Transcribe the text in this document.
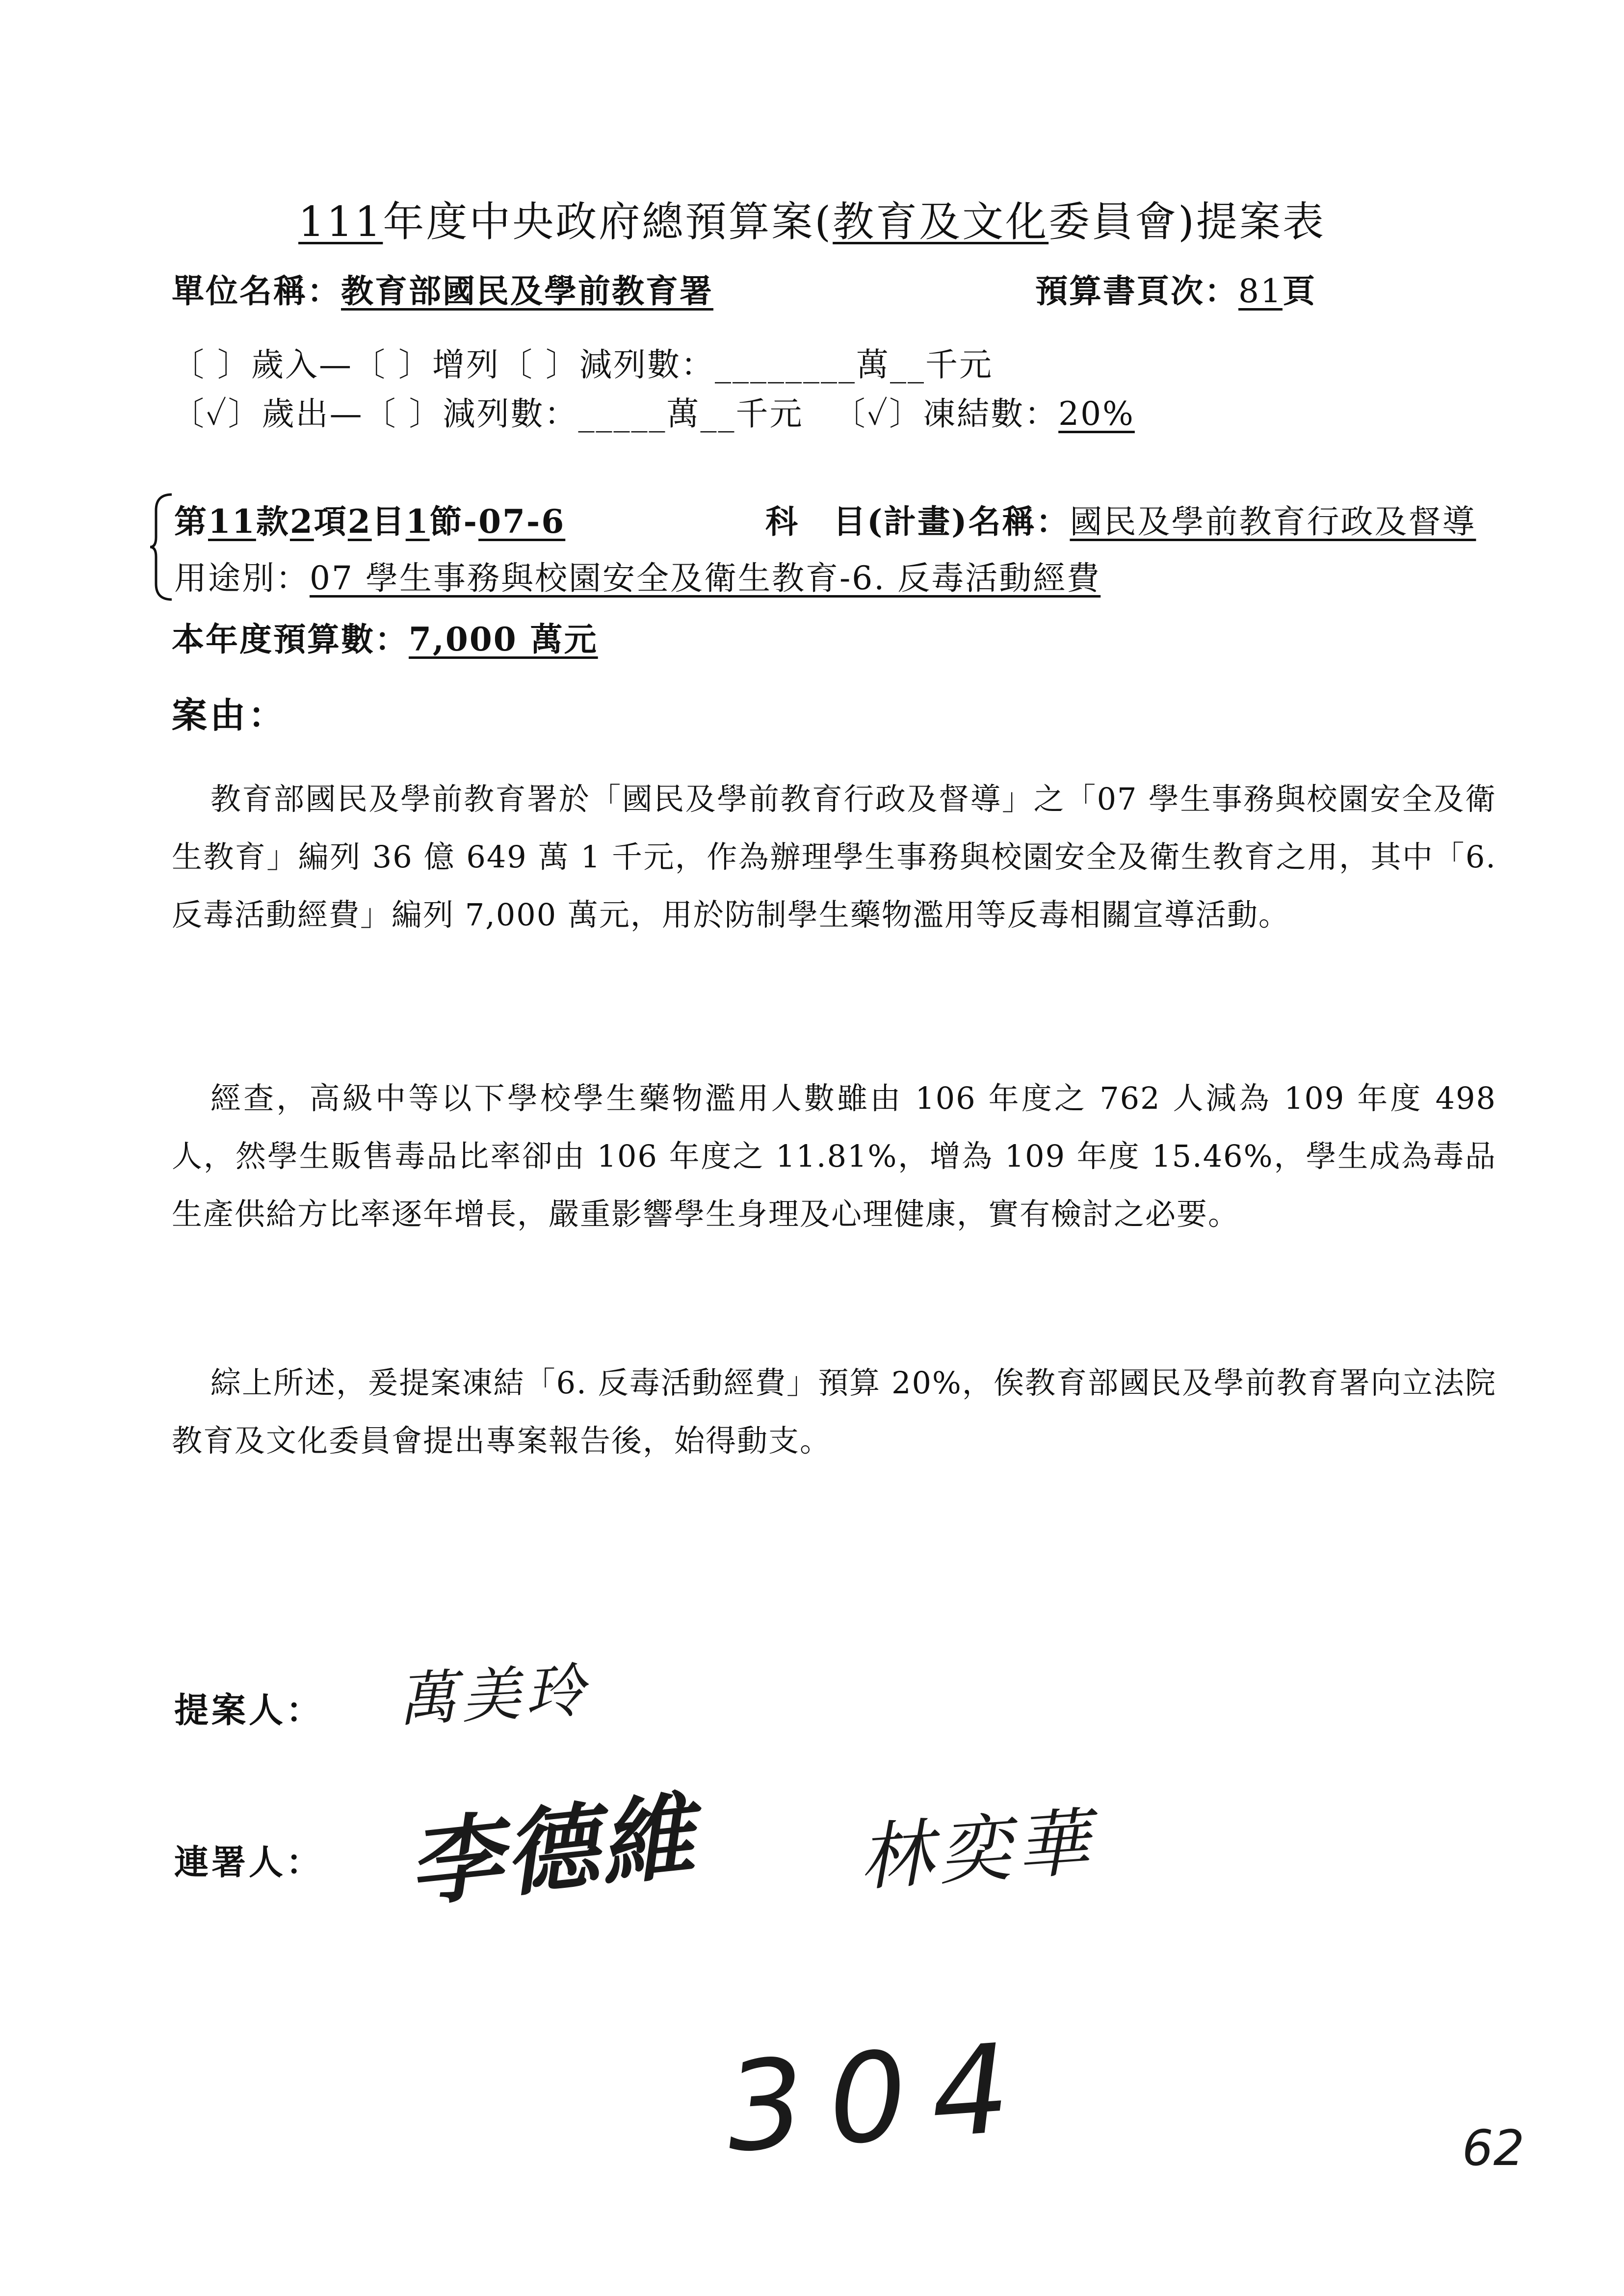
111年度中央政府總預算案(教育及文化委員會)提案表
單位名稱：教育部國民及學前教育署	預算書頁次：81頁
〔 〕歲入—〔 〕增列〔 〕減列數：________萬__千元
〔✓〕歲出—〔 〕減列數：_____萬__千元 〔✓〕凍結數：20%
第11款2項2目1節-07-6	科　目(計畫)名稱：國民及學前教育行政及督導
用途別：07 學生事務與校園安全及衛生教育-6. 反毒活動經費
本年度預算數：7,000 萬元
案由：

教育部國民及學前教育署於「國民及學前教育行政及督導」之「07 學生事務與校園安全及衛生教育」編列 36 億 649 萬 1 千元，作為辦理學生事務與校園安全及衛生教育之用，其中「6. 反毒活動經費」編列 7,000 萬元，用於防制學生藥物濫用等反毒相關宣導活動。

經查，高級中等以下學校學生藥物濫用人數雖由 106 年度之 762 人減為 109 年度 498 人，然學生販售毒品比率卻由 106 年度之 11.81%，增為 109 年度 15.46%，學生成為毒品生產供給方比率逐年增長，嚴重影響學生身理及心理健康，實有檢討之必要。

綜上所述，爰提案凍結「6. 反毒活動經費」預算 20%，俟教育部國民及學前教育署向立法院教育及文化委員會提出專案報告後，始得動支。

提案人： 萬美玲
連署人： 李德維 林奕華
304	62
